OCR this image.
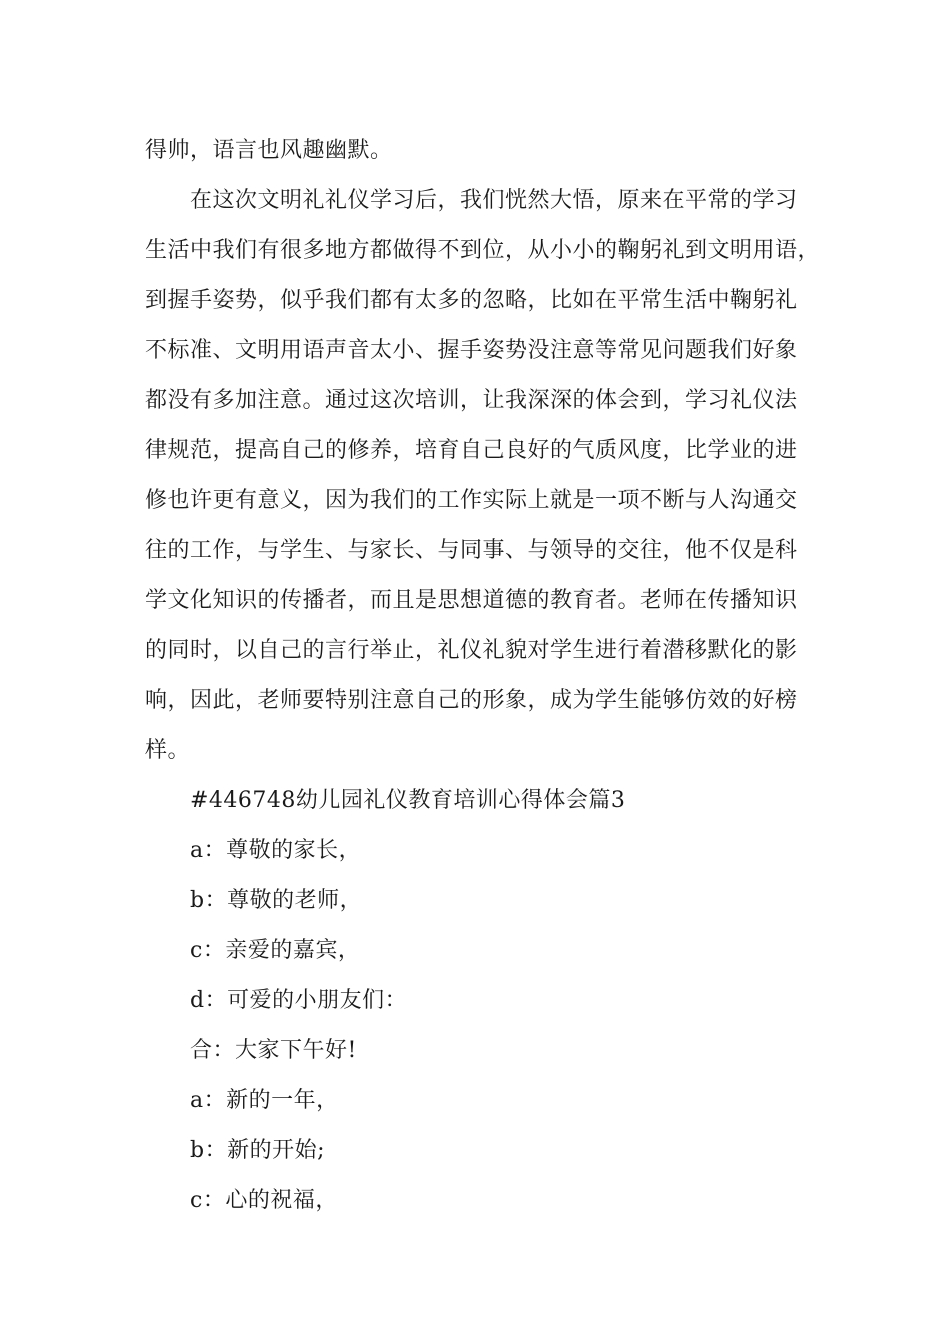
得帅，语言也风趣幽默。
在这次文明礼礼仪学习后，我们恍然大悟，原来在平常的学习
生活中我们有很多地方都做得不到位，从小小的鞠躬礼到文明用语，
到握手姿势，似乎我们都有太多的忽略，比如在平常生活中鞠躬礼
不标准、文明用语声音太小、握手姿势没注意等常见问题我们好象
都没有多加注意。通过这次培训，让我深深的体会到，学习礼仪法
律规范，提高自己的修养，培育自己良好的气质风度，比学业的进
修也许更有意义，因为我们的工作实际上就是一项不断与人沟通交
往的工作，与学生、与家长、与同事、与领导的交往，他不仅是科
学文化知识的传播者，而且是思想道德的教育者。老师在传播知识
的同时，以自己的言行举止，礼仪礼貌对学生进行着潜移默化的影
响，因此，老师要特别注意自己的形象，成为学生能够仿效的好榜
样。
#446748幼儿园礼仪教育培训心得体会篇3
a：尊敬的家长，
b：尊敬的老师，
c：亲爱的嘉宾，
d：可爱的小朋友们：
合：大家下午好!
a：新的一年，
b：新的开始;
c：心的祝福，
